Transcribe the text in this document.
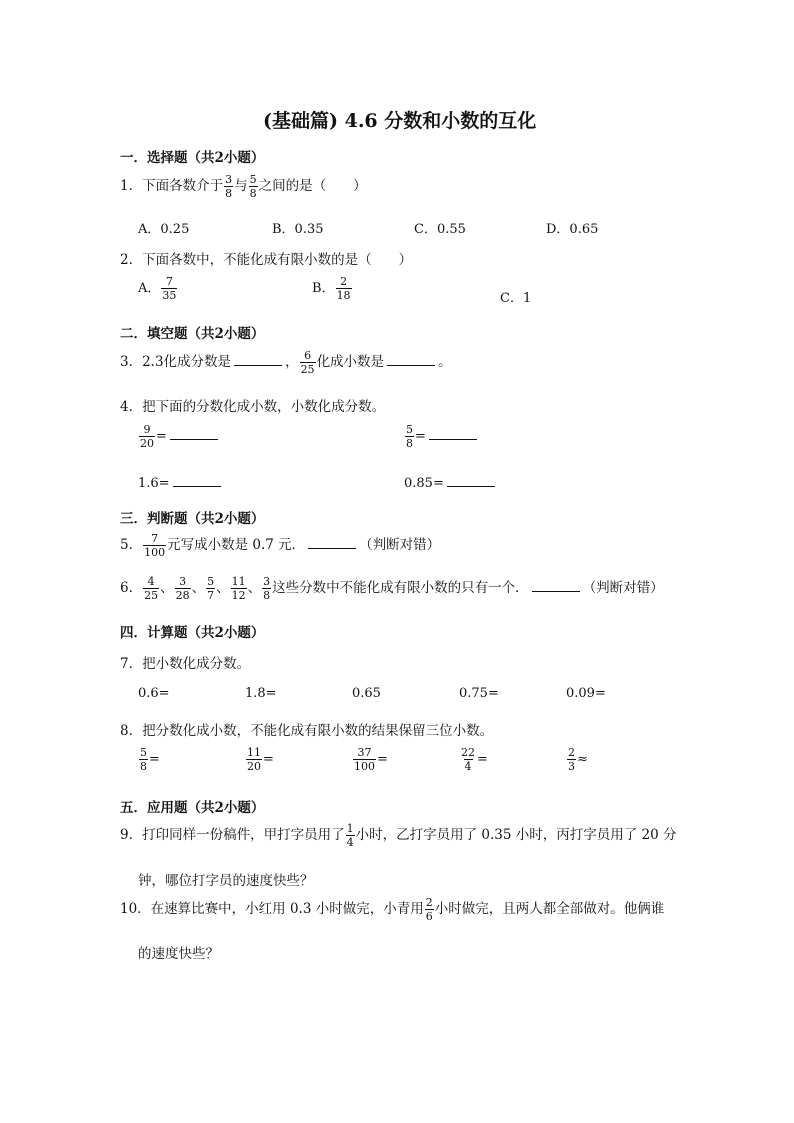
(基础篇) 4.6 分数和小数的互化
一．选择题（共2小题）
1．下面各数介于 $\frac{3}{8}$ 与 $\frac{5}{8}$ 之间的是（　　）
A．0.25	B．0.35	C．0.55	D．0.65
2．下面各数中，不能化成有限小数的是（　　）
A． $\frac{7}{35}$	B． $\frac{2}{18}$	C．1
二．填空题（共2小题）
3．2.3化成分数是	， $\frac{6}{25}$ 化成小数是	。
4．把下面的分数化成小数，小数化成分数。
$\frac{9}{20}$ =	$\frac{5}{8}$ =
1.6=	0.85=
三．判断题（共2小题）
5． $\frac{7}{100}$ 元写成小数是 0.7 元．	（判断对错）
6． $\frac{4}{25}$ 、 $\frac{3}{28}$ 、 $\frac{5}{7}$ 、 $\frac{11}{12}$ 、 $\frac{3}{8}$ 这些分数中不能化成有限小数的只有一个．	（判断对错）
四．计算题（共2小题）
7．把小数化成分数。
0.6=	1.8=	0.65	0.75=	0.09=
8．把分数化成小数，不能化成有限小数的结果保留三位小数。
$\frac{5}{8}$ =	$\frac{11}{20}$ =	$\frac{37}{100}$ =	$\frac{22}{4}$ =	$\frac{2}{3}$ ≈
五．应用题（共2小题）
9．打印同样一份稿件，甲打字员用了 $\frac{1}{4}$ 小时，乙打字员用了 0.35 小时，丙打字员用了 20 分
钟，哪位打字员的速度快些？
10．在速算比赛中，小红用 0.3 小时做完，小青用 $\frac{2}{6}$ 小时做完，且两人都全部做对。他俩谁
的速度快些？
